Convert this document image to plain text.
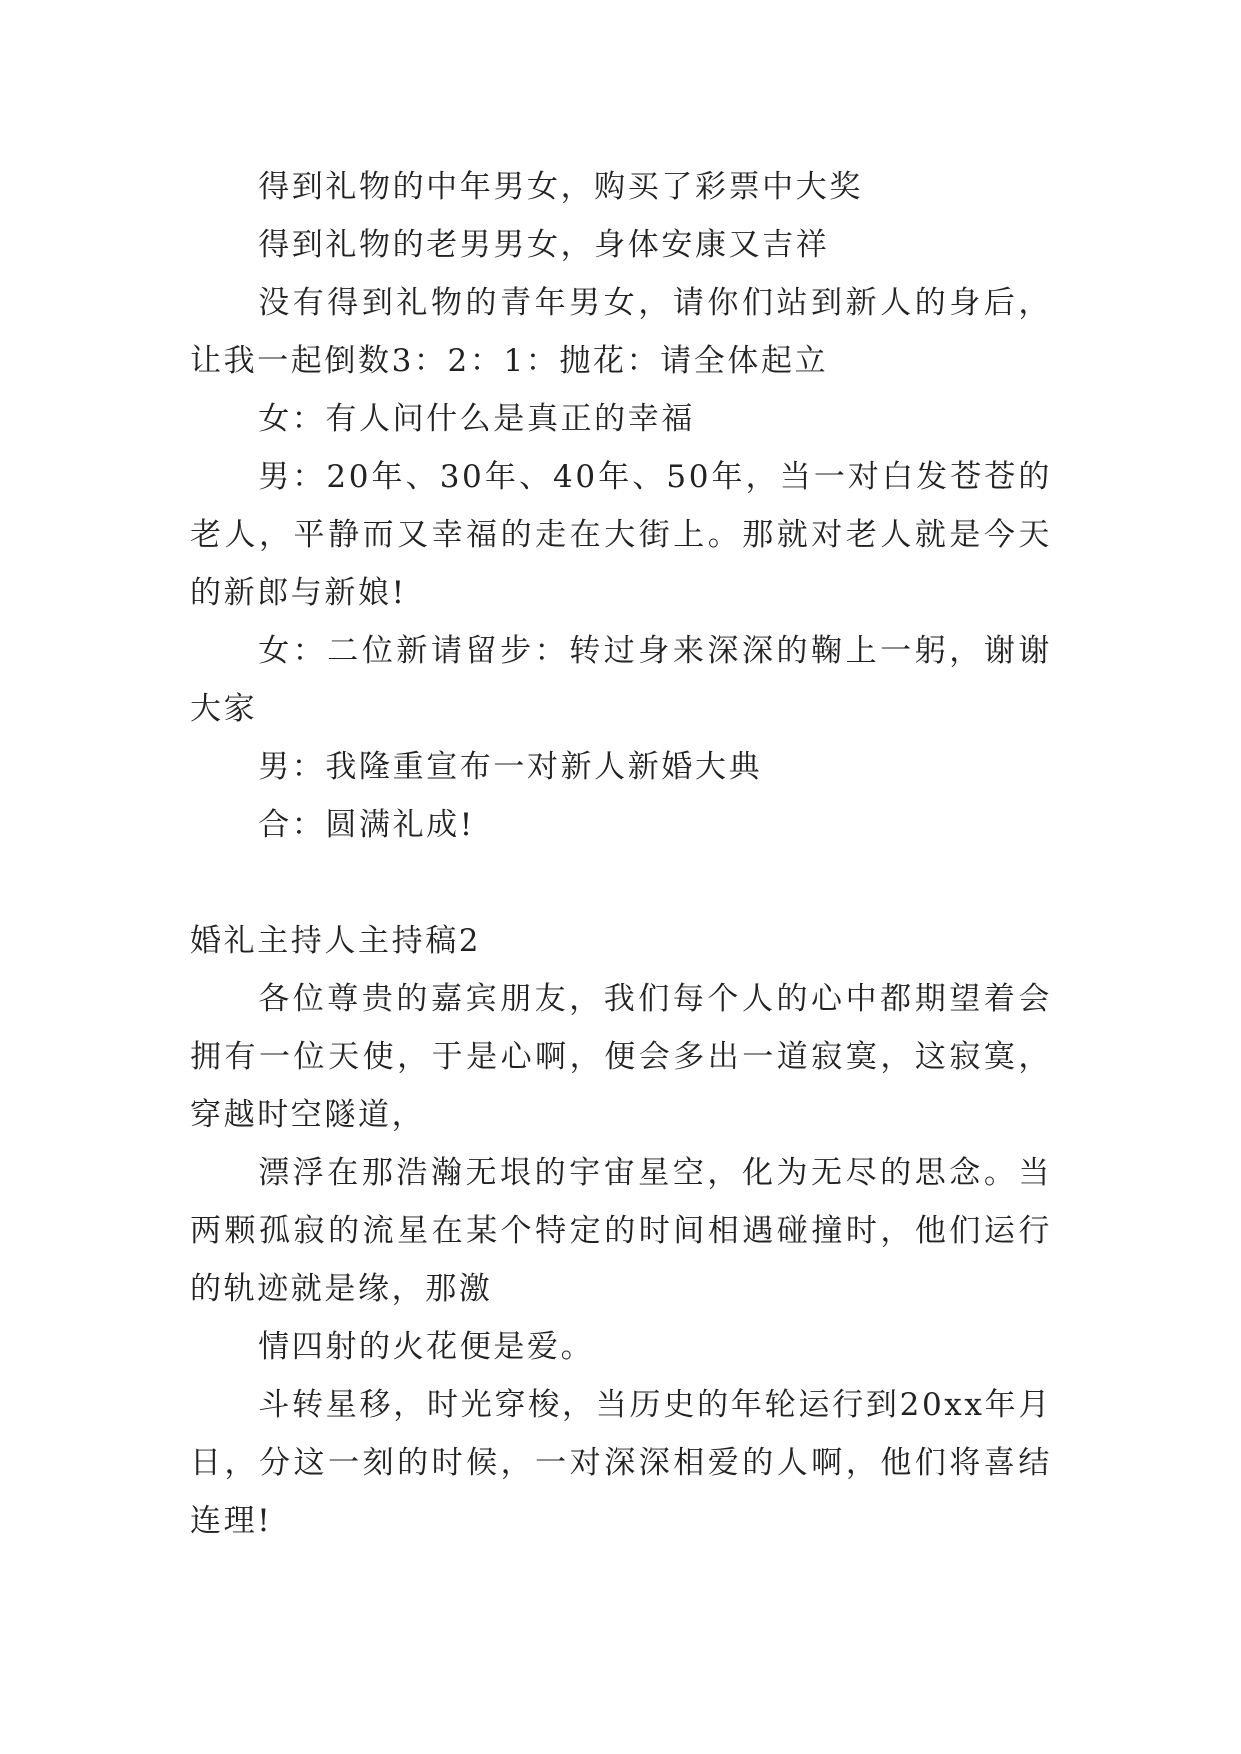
得到礼物的中年男女，购买了彩票中大奖

得到礼物的老男男女，身体安康又吉祥

没有得到礼物的青年男女，请你们站到新人的身后，让我一起倒数3：2：1：抛花：请全体起立

女：有人问什么是真正的幸福

男：20年、30年、40年、50年，当一对白发苍苍的老人，平静而又幸福的走在大街上。那就对老人就是今天的新郎与新娘!

女：二位新请留步：转过身来深深的鞠上一躬，谢谢大家

男：我隆重宣布一对新人新婚大典

合：圆满礼成!

婚礼主持人主持稿2

各位尊贵的嘉宾朋友，我们每个人的心中都期望着会拥有一位天使，于是心啊，便会多出一道寂寞，这寂寞，穿越时空隧道，

漂浮在那浩瀚无垠的宇宙星空，化为无尽的思念。当两颗孤寂的流星在某个特定的时间相遇碰撞时，他们运行的轨迹就是缘，那激

情四射的火花便是爱。

斗转星移，时光穿梭，当历史的年轮运行到20xx年月日，分这一刻的时候，一对深深相爱的人啊，他们将喜结连理!
